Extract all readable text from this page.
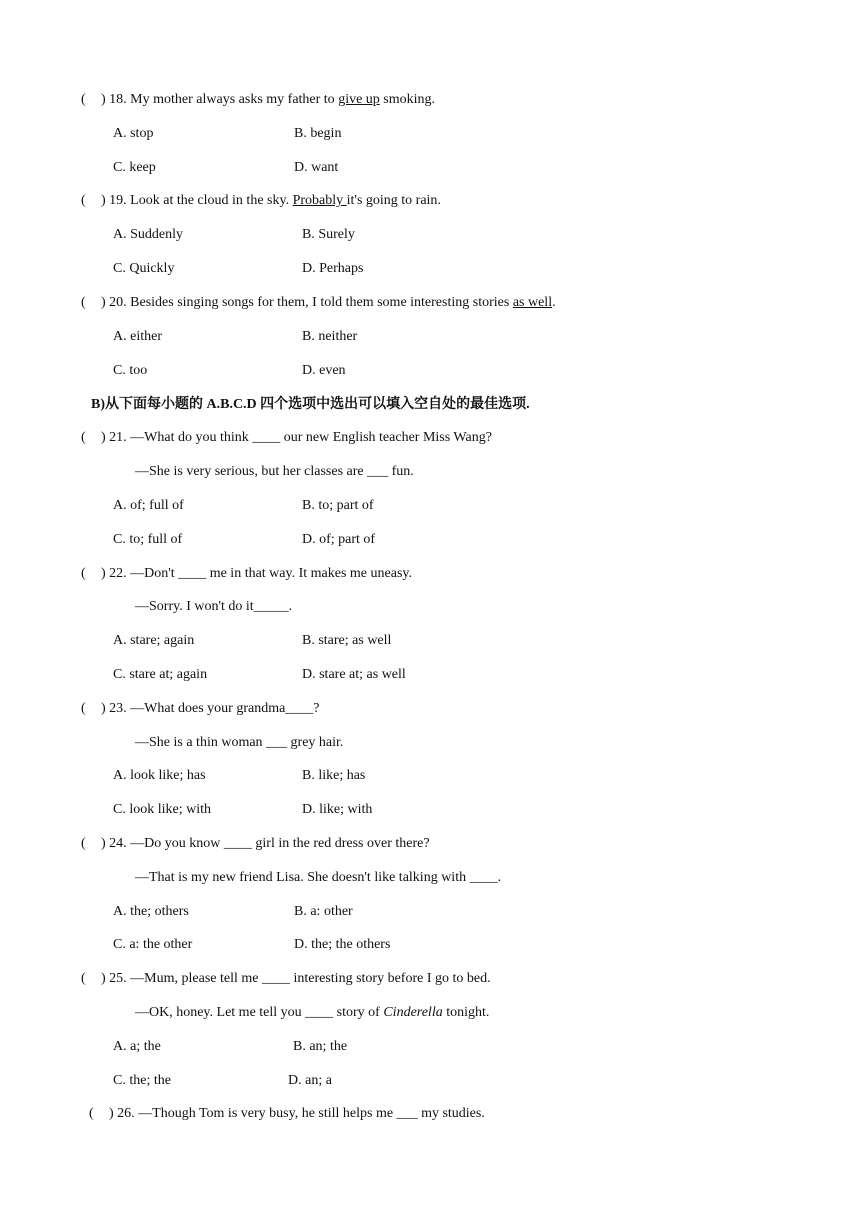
( ) 18. My mother always asks my father to give up smoking.
A. stop	B. begin
C. keep	D. want
( ) 19. Look at the cloud in the sky. Probably it's going to rain.
A. Suddenly	B. Surely
C. Quickly	D. Perhaps
( ) 20. Besides singing songs for them, I told them some interesting stories as well.
A. either	B. neither
C. too	D. even
B)从下面每小题的 A.B.C.D 四个选项中选出可以填入空自处的最佳选项.
( ) 21. —What do you think ____ our new English teacher Miss Wang?
—She is very serious, but her classes are ___ fun.
A. of; full of	B. to; part of
C. to; full of	D. of; part of
( ) 22. —Don't ____ me in that way. It makes me uneasy.
—Sorry. I won't do it_____.
A. stare; again	B. stare; as well
C. stare at; again	D. stare at; as well
( ) 23. —What does your grandma____?
—She is a thin woman ___ grey hair.
A. look like; has	B. like; has
C. look like; with	D. like; with
( ) 24. —Do you know ____ girl in the red dress over there?
—That is my new friend Lisa. She doesn't like talking with ____.
A. the; others	B. a: other
C. a: the other	D. the; the others
( ) 25. —Mum, please tell me ____ interesting story before I go to bed.
—OK, honey. Let me tell you ____ story of Cinderella tonight.
A. a; the	B. an; the
C. the; the	D. an; a
( ) 26. —Though Tom is very busy, he still helps me ___ my studies.
